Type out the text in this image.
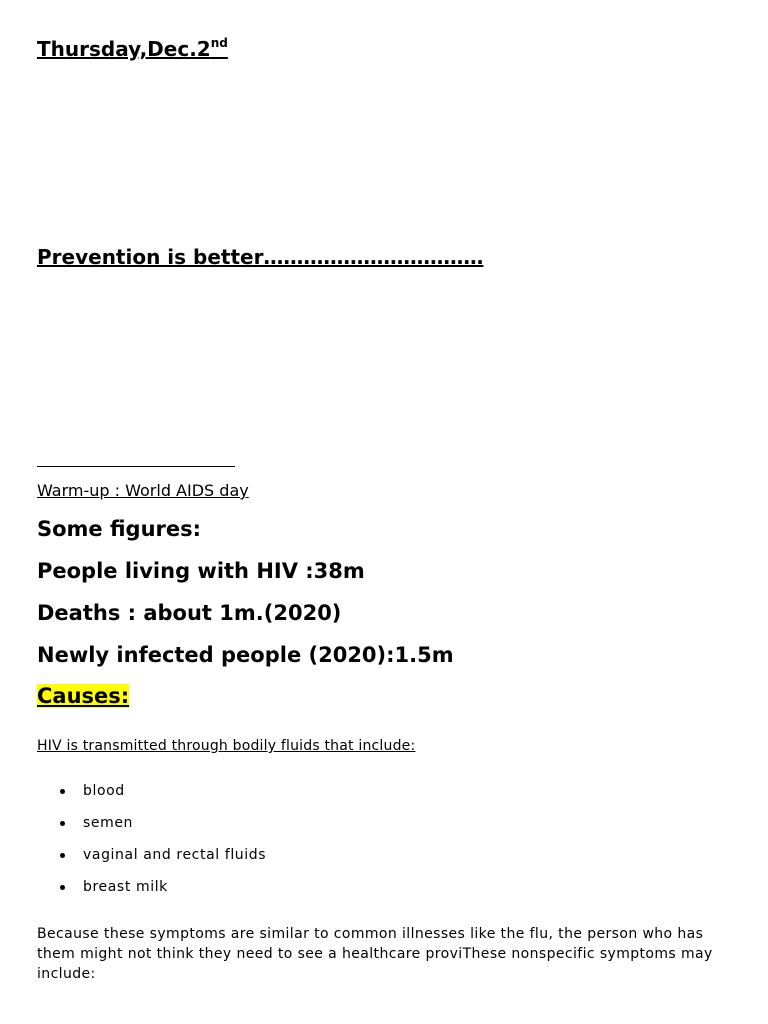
Thursday,Dec.2nd
Prevention is better……………………………
Warm-up : World AIDS day
Some figures:
People living with HIV :38m
Deaths : about 1m.(2020)
Newly infected people (2020):1.5m
Causes:
HIV is transmitted through bodily fluids that include:
blood
semen
vaginal and rectal fluids
breast milk

Because these symptoms are similar to common illnesses like the flu, the person who has them might not think they need to see a healthcare proviThese nonspecific symptoms may include:
